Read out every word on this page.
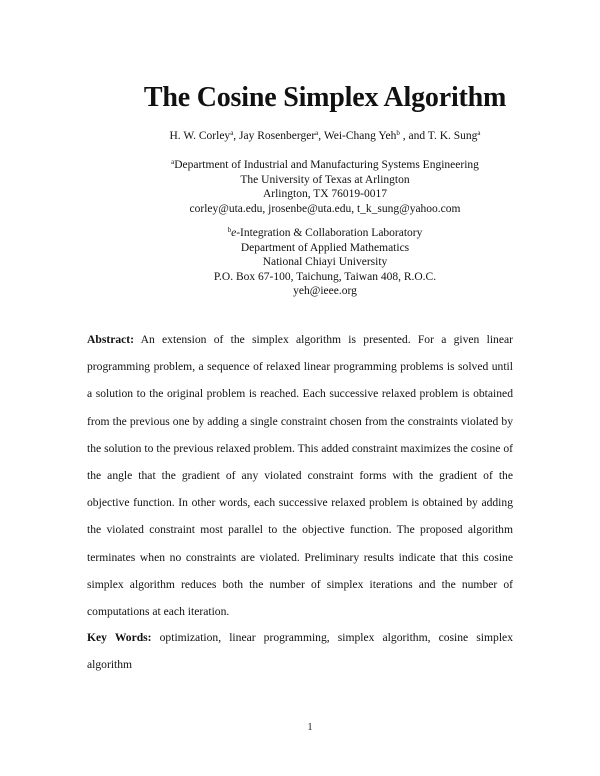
The Cosine Simplex Algorithm
H. W. Corley$^a$, Jay Rosenberger$^a$, Wei-Chang Yeh$^b$ , and T. K. Sung$^a$
$^a$Department of Industrial and Manufacturing Systems Engineering
The University of Texas at Arlington
Arlington, TX 76019-0017
corley@uta.edu, jrosenbe@uta.edu, t_k_sung@yahoo.com
$^b$e-Integration & Collaboration Laboratory
Department of Applied Mathematics
National Chiayi University
P.O. Box 67-100, Taichung, Taiwan 408, R.O.C.
yeh@ieee.org
Abstract: An extension of the simplex algorithm is presented. For a given linear programming problem, a sequence of relaxed linear programming problems is solved until a solution to the original problem is reached. Each successive relaxed problem is obtained from the previous one by adding a single constraint chosen from the constraints violated by the solution to the previous relaxed problem. This added constraint maximizes the cosine of the angle that the gradient of any violated constraint forms with the gradient of the objective function. In other words, each successive relaxed problem is obtained by adding the violated constraint most parallel to the objective function. The proposed algorithm terminates when no constraints are violated. Preliminary results indicate that this cosine simplex algorithm reduces both the number of simplex iterations and the number of computations at each iteration.
Key Words: optimization, linear programming, simplex algorithm, cosine simplex algorithm
1
